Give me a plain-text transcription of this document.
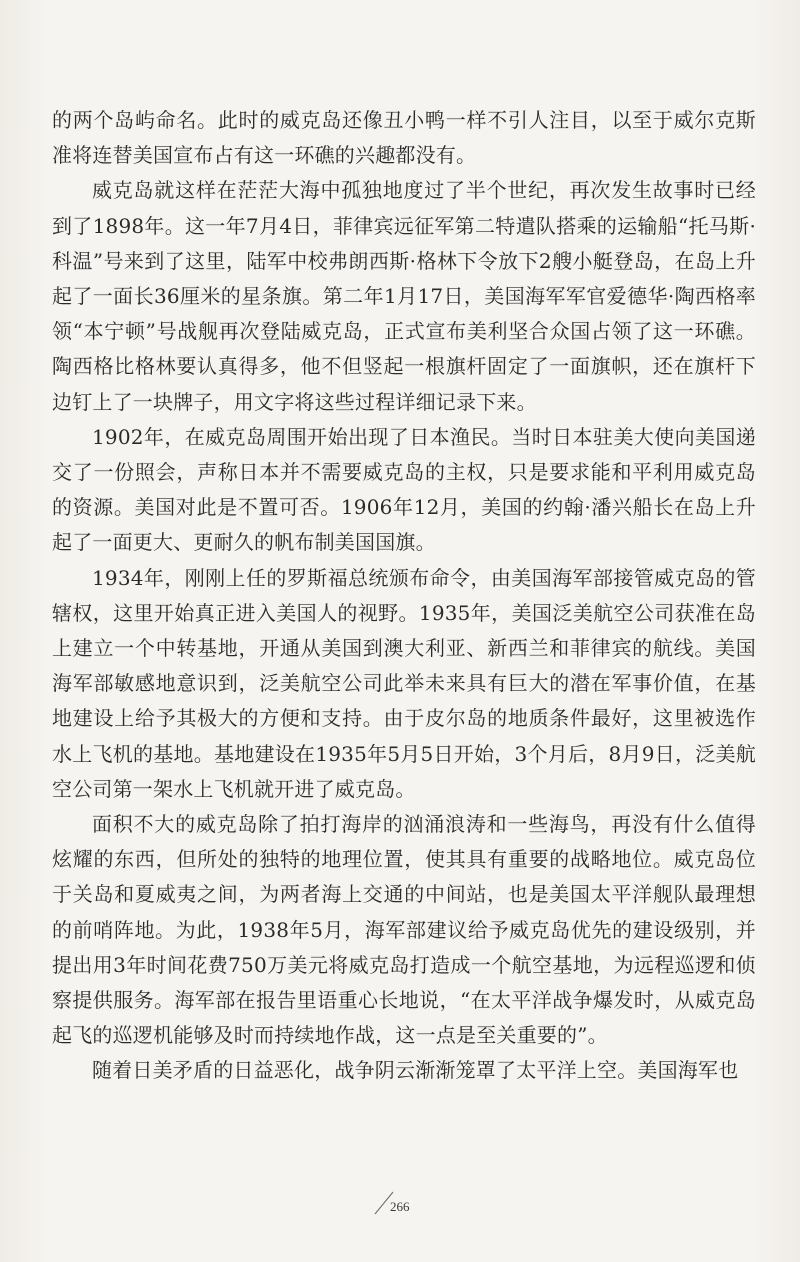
的两个岛屿命名。此时的威克岛还像丑小鸭一样不引人注目，以至于威尔克斯准将连替美国宣布占有这一环礁的兴趣都没有。

威克岛就这样在茫茫大海中孤独地度过了半个世纪，再次发生故事时已经到了1898年。这一年7月4日，菲律宾远征军第二特遣队搭乘的运输船“托马斯·科温”号来到了这里，陆军中校弗朗西斯·格林下令放下2艘小艇登岛，在岛上升起了一面长36厘米的星条旗。第二年1月17日，美国海军军官爱德华·陶西格率领“本宁顿”号战舰再次登陆威克岛，正式宣布美利坚合众国占领了这一环礁。陶西格比格林要认真得多，他不但竖起一根旗杆固定了一面旗帜，还在旗杆下边钉上了一块牌子，用文字将这些过程详细记录下来。

1902年，在威克岛周围开始出现了日本渔民。当时日本驻美大使向美国递交了一份照会，声称日本并不需要威克岛的主权，只是要求能和平利用威克岛的资源。美国对此是不置可否。1906年12月，美国的约翰·潘兴船长在岛上升起了一面更大、更耐久的帆布制美国国旗。

1934年，刚刚上任的罗斯福总统颁布命令，由美国海军部接管威克岛的管辖权，这里开始真正进入美国人的视野。1935年，美国泛美航空公司获准在岛上建立一个中转基地，开通从美国到澳大利亚、新西兰和菲律宾的航线。美国海军部敏感地意识到，泛美航空公司此举未来具有巨大的潜在军事价值，在基地建设上给予其极大的方便和支持。由于皮尔岛的地质条件最好，这里被选作水上飞机的基地。基地建设在1935年5月5日开始，3个月后，8月9日，泛美航空公司第一架水上飞机就开进了威克岛。

面积不大的威克岛除了拍打海岸的汹涌浪涛和一些海鸟，再没有什么值得炫耀的东西，但所处的独特的地理位置，使其具有重要的战略地位。威克岛位于关岛和夏威夷之间，为两者海上交通的中间站，也是美国太平洋舰队最理想的前哨阵地。为此，1938年5月，海军部建议给予威克岛优先的建设级别，并提出用3年时间花费750万美元将威克岛打造成一个航空基地，为远程巡逻和侦察提供服务。海军部在报告里语重心长地说，“在太平洋战争爆发时，从威克岛起飞的巡逻机能够及时而持续地作战，这一点是至关重要的”。

随着日美矛盾的日益恶化，战争阴云渐渐笼罩了太平洋上空。美国海军也

266
